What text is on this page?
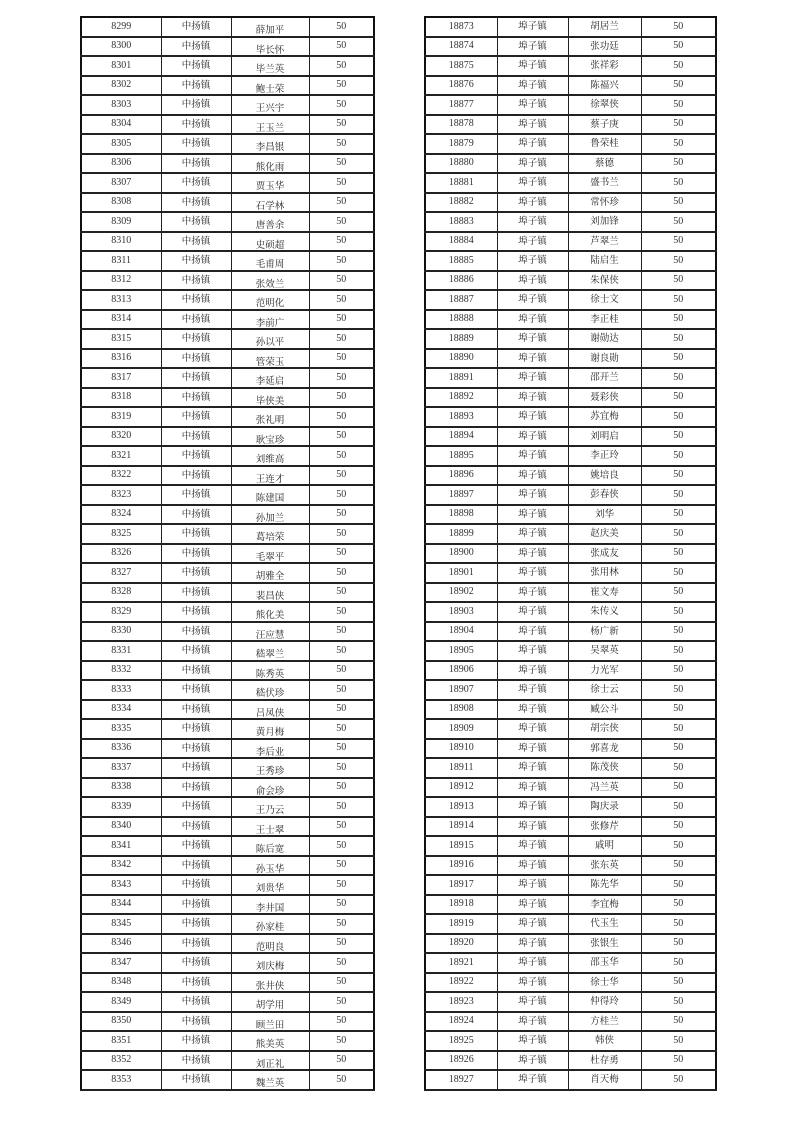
8299	中扬镇	薛加平	50
8300	中扬镇	毕长怀	50
8301	中扬镇	毕兰英	50
8302	中扬镇	鲍士荣	50
8303	中扬镇	王兴宇	50
8304	中扬镇	王玉兰	50
8305	中扬镇	李昌银	50
8306	中扬镇	熊化雨	50
8307	中扬镇	贾玉华	50
8308	中扬镇	石学林	50
8309	中扬镇	唐善余	50
8310	中扬镇	史硕超	50
8311	中扬镇	毛甫周	50
8312	中扬镇	张效兰	50
8313	中扬镇	范明化	50
8314	中扬镇	李前广	50
8315	中扬镇	孙以平	50
8316	中扬镇	管荣玉	50
8317	中扬镇	李延启	50
8318	中扬镇	毕侠美	50
8319	中扬镇	张礼明	50
8320	中扬镇	耿宝珍	50
8321	中扬镇	刘维高	50
8322	中扬镇	王连才	50
8323	中扬镇	陈建国	50
8324	中扬镇	孙加兰	50
8325	中扬镇	葛培荣	50
8326	中扬镇	毛翠平	50
8327	中扬镇	胡雅全	50
8328	中扬镇	裴昌侠	50
8329	中扬镇	熊化美	50
8330	中扬镇	汪应慧	50
8331	中扬镇	嵇翠兰	50
8332	中扬镇	陈秀英	50
8333	中扬镇	嵇伏珍	50
8334	中扬镇	吕凤侠	50
8335	中扬镇	黄月梅	50
8336	中扬镇	李后业	50
8337	中扬镇	王秀珍	50
8338	中扬镇	俞会珍	50
8339	中扬镇	王乃云	50
8340	中扬镇	王士翠	50
8341	中扬镇	陈后宽	50
8342	中扬镇	孙玉华	50
8343	中扬镇	刘贵华	50
8344	中扬镇	李井国	50
8345	中扬镇	孙家桂	50
8346	中扬镇	范明良	50
8347	中扬镇	刘庆梅	50
8348	中扬镇	张井侠	50
8349	中扬镇	胡学用	50
8350	中扬镇	顾兰田	50
8351	中扬镇	熊美英	50
8352	中扬镇	刘正礼	50
8353	中扬镇	魏兰英	50
18873	埠子镇	胡居兰	50
18874	埠子镇	张功廷	50
18875	埠子镇	张祥彩	50
18876	埠子镇	陈福兴	50
18877	埠子镇	徐翠侠	50
18878	埠子镇	蔡子庚	50
18879	埠子镇	鲁荣桂	50
18880	埠子镇	蔡德	50
18881	埠子镇	盛书兰	50
18882	埠子镇	常怀珍	50
18883	埠子镇	刘加锋	50
18884	埠子镇	芦翠兰	50
18885	埠子镇	陆启生	50
18886	埠子镇	朱保侠	50
18887	埠子镇	徐士文	50
18888	埠子镇	李正桂	50
18889	埠子镇	谢勋达	50
18890	埠子镇	谢良勋	50
18891	埠子镇	邵开兰	50
18892	埠子镇	聂彩侠	50
18893	埠子镇	苏宜梅	50
18894	埠子镇	刘明启	50
18895	埠子镇	李正玲	50
18896	埠子镇	姚培良	50
18897	埠子镇	彭春侠	50
18898	埠子镇	刘华	50
18899	埠子镇	赵庆美	50
18900	埠子镇	张成友	50
18901	埠子镇	张用林	50
18902	埠子镇	崔文寿	50
18903	埠子镇	朱传义	50
18904	埠子镇	杨广新	50
18905	埠子镇	吴翠英	50
18906	埠子镇	力光军	50
18907	埠子镇	徐士云	50
18908	埠子镇	臧公斗	50
18909	埠子镇	胡宗侠	50
18910	埠子镇	郭喜龙	50
18911	埠子镇	陈茂侠	50
18912	埠子镇	冯兰英	50
18913	埠子镇	陶庆录	50
18914	埠子镇	张修芹	50
18915	埠子镇	戚明	50
18916	埠子镇	张东英	50
18917	埠子镇	陈先华	50
18918	埠子镇	李宜梅	50
18919	埠子镇	代玉生	50
18920	埠子镇	张银生	50
18921	埠子镇	邵玉华	50
18922	埠子镇	徐士华	50
18923	埠子镇	仲得玲	50
18924	埠子镇	方桂兰	50
18925	埠子镇	韩侠	50
18926	埠子镇	杜存勇	50
18927	埠子镇	肖天梅	50
